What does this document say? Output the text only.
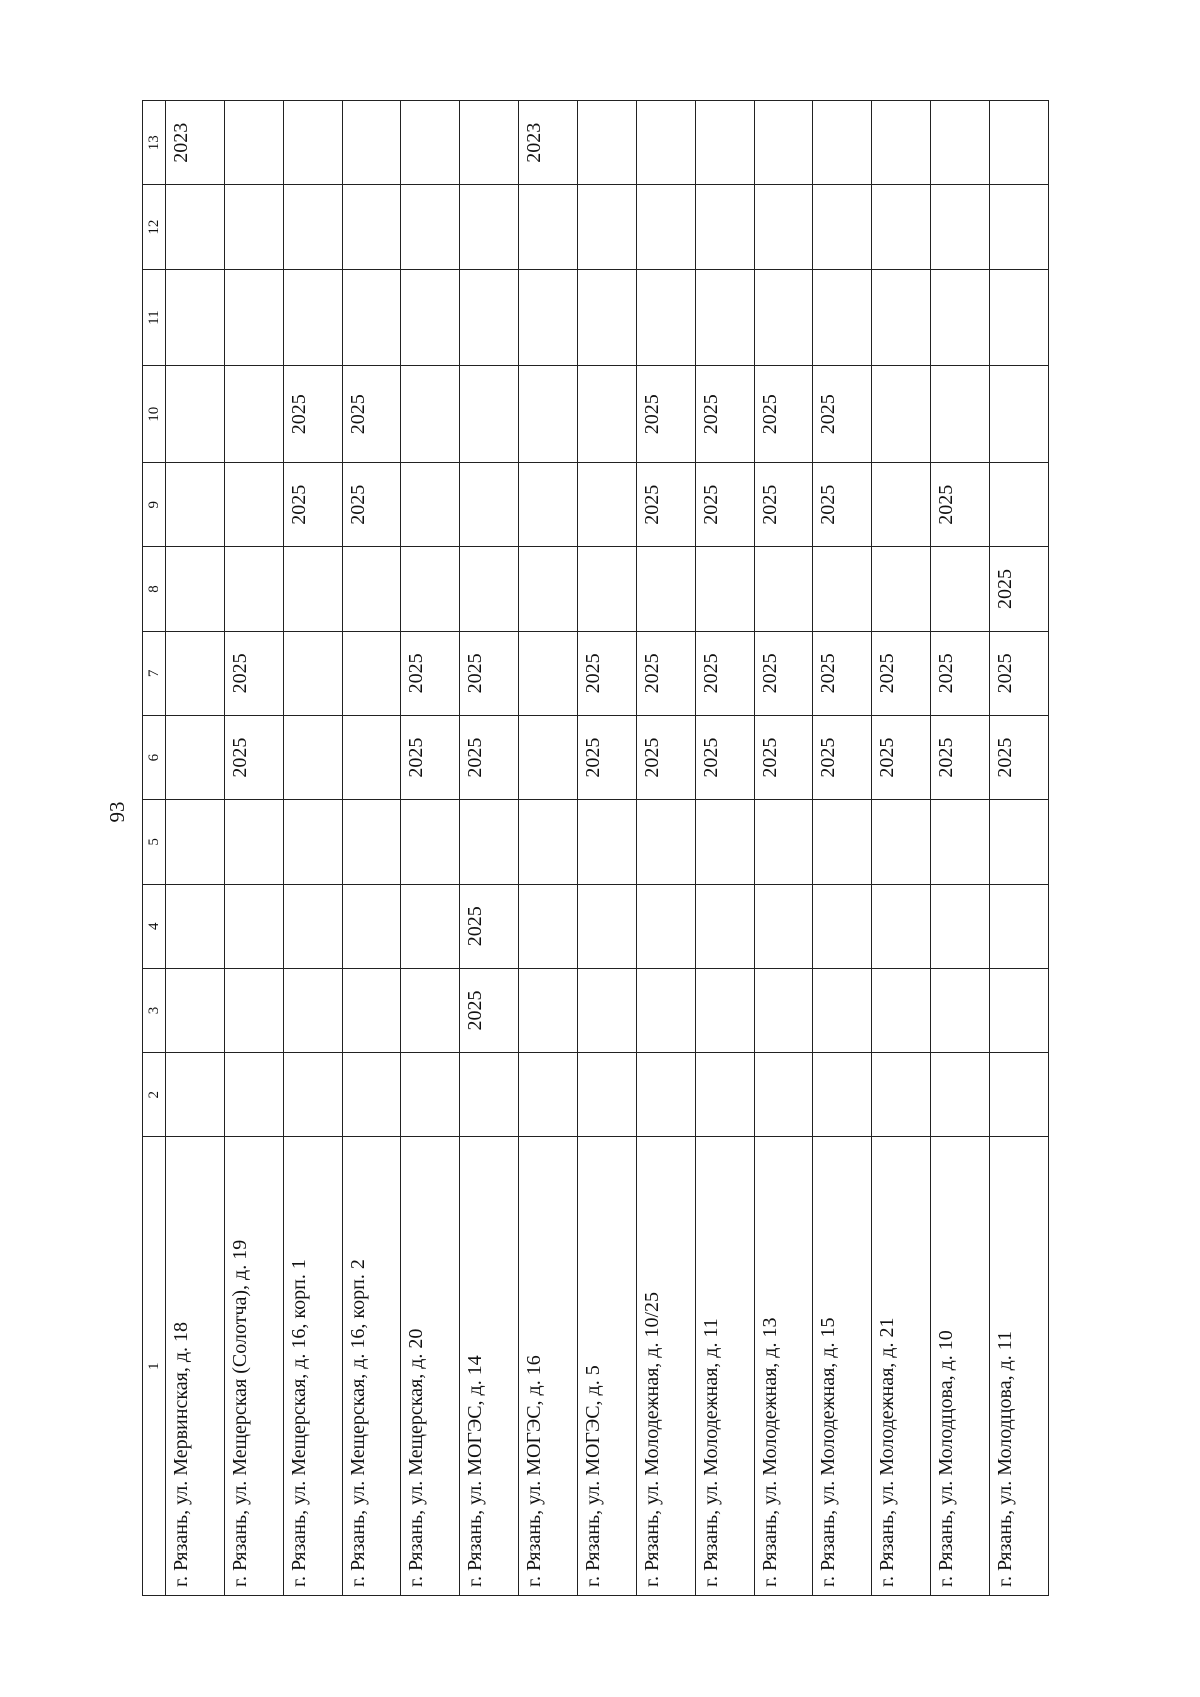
93
1	2	3	4	5	6	7	8	9	10	11	12	13
г. Рязань, ул. Мервинская, д. 18												2023
г. Рязань, ул. Мещерская (Солотча), д. 19					2025	2025						
г. Рязань, ул. Мещерская, д. 16, корп. 1								2025	2025			
г. Рязань, ул. Мещерская, д. 16, корп. 2								2025	2025			
г. Рязань, ул. Мещерская, д. 20					2025	2025						
г. Рязань, ул. МОГЭС, д. 14		2025	2025		2025	2025						
г. Рязань, ул. МОГЭС, д. 16												2023
г. Рязань, ул. МОГЭС, д. 5					2025	2025						
г. Рязань, ул. Молодежная, д. 10/25					2025	2025		2025	2025			
г. Рязань, ул. Молодежная, д. 11					2025	2025		2025	2025			
г. Рязань, ул. Молодежная, д. 13					2025	2025		2025	2025			
г. Рязань, ул. Молодежная, д. 15					2025	2025		2025	2025			
г. Рязань, ул. Молодежная, д. 21					2025	2025						
г. Рязань, ул. Молодцова, д. 10					2025	2025		2025				
г. Рязань, ул. Молодцова, д. 11					2025	2025	2025					
